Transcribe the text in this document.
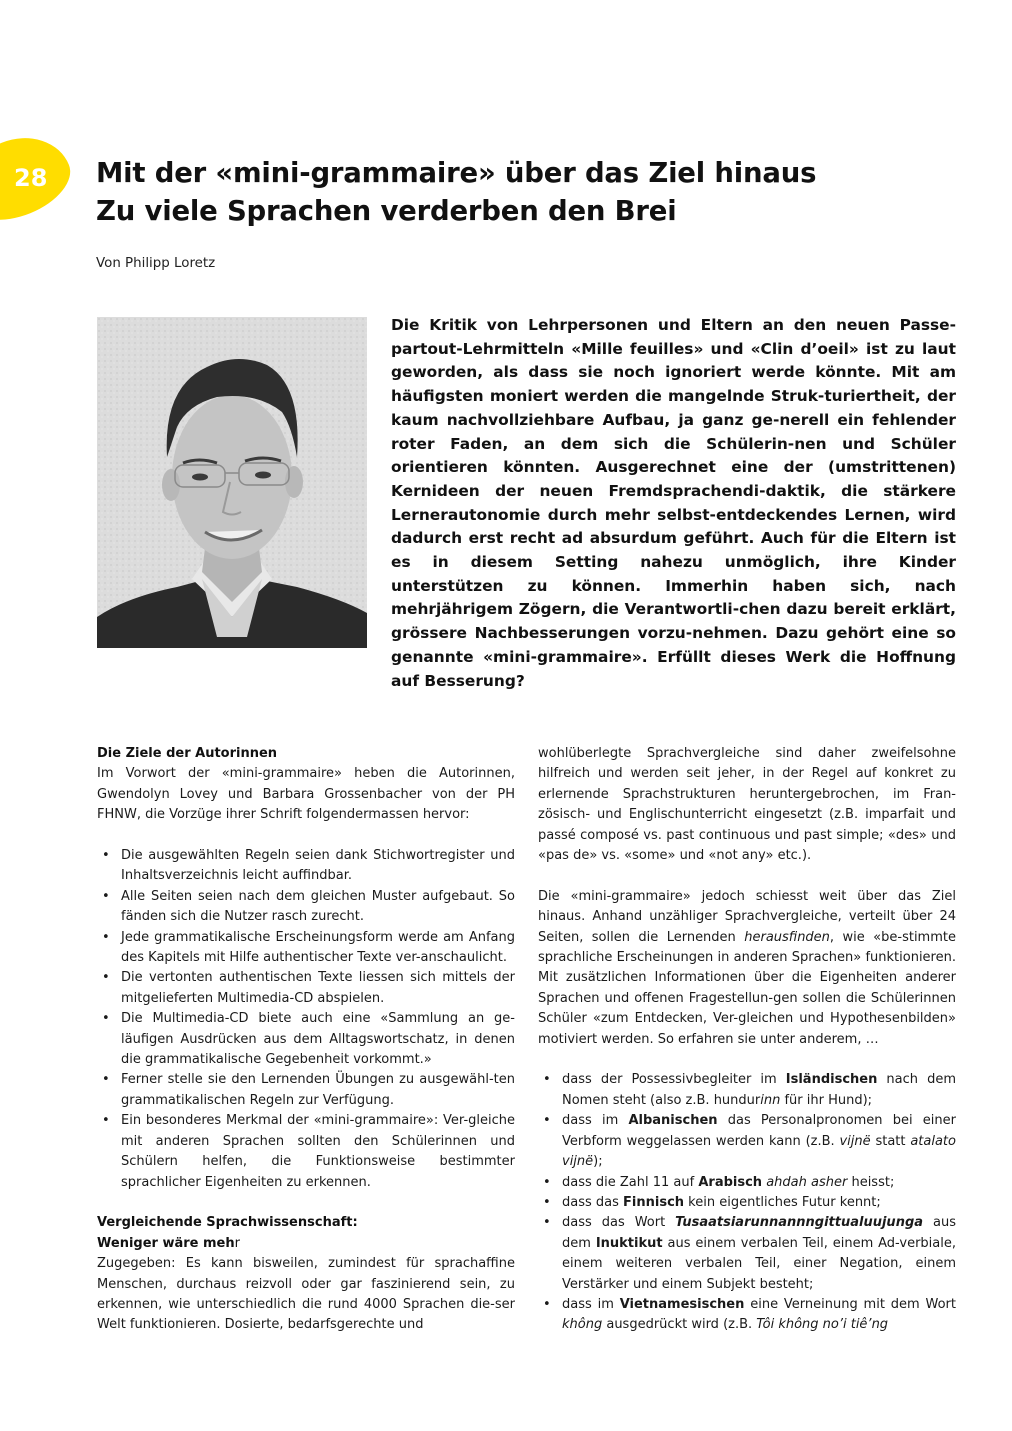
28 Mit der «mini-grammaire» über das Ziel hinaus
Zu viele Sprachen verderben den Brei
Von Philipp Loretz

Die Kritik von Lehrpersonen und Eltern an den neuen Passe-partout-Lehrmitteln «Mille feuilles» und «Clin d’oeil» ist zu laut geworden, als dass sie noch ignoriert werde könnte. Mit am häufigsten moniert werden die mangelnde Struk-turiertheit, der kaum nachvollziehbare Aufbau, ja ganz ge-nerell ein fehlender roter Faden, an dem sich die Schülerin-nen und Schüler orientieren könnten. Ausgerechnet eine der (umstrittenen) Kernideen der neuen Fremdsprachendi-daktik, die stärkere Lernerautonomie durch mehr selbst-entdeckendes Lernen, wird dadurch erst recht ad absurdum geführt. Auch für die Eltern ist es in diesem Setting nahezu unmöglich, ihre Kinder unterstützen zu können. Immerhin haben sich, nach mehrjährigem Zögern, die Verantwortli-chen dazu bereit erklärt, grössere Nachbesserungen vorzu-nehmen. Dazu gehört eine so genannte «mini-grammaire». Erfüllt dieses Werk die Hoffnung auf Besserung?

Die Ziele der Autorinnen

Im Vorwort der «mini-grammaire» heben die Autorinnen, Gwendolyn Lovey und Barbara Grossenbacher von der PH FHNW, die Vorzüge ihrer Schrift folgendermassen hervor:

• Die ausgewählten Regeln seien dank Stichwortregister und Inhaltsverzeichnis leicht auffindbar.
• Alle Seiten seien nach dem gleichen Muster aufgebaut. So fänden sich die Nutzer rasch zurecht.
• Jede grammatikalische Erscheinungsform werde am Anfang des Kapitels mit Hilfe authentischer Texte ver-anschaulicht.
• Die vertonten authentischen Texte liessen sich mittels der mitgelieferten Multimedia-CD abspielen.
• Die Multimedia-CD biete auch eine «Sammlung an ge-läufigen Ausdrücken aus dem Alltagswortschatz, in denen die grammatikalische Gegebenheit vorkommt.»
• Ferner stelle sie den Lernenden Übungen zu ausgewähl-ten grammatikalischen Regeln zur Verfügung.
• Ein besonderes Merkmal der «mini-grammaire»: Ver-gleiche mit anderen Sprachen sollten den Schülerinnen und Schülern helfen, die Funktionsweise bestimmter sprachlicher Eigenheiten zu erkennen.
Vergleichende Sprachwissenschaft:
Weniger wäre mehr

Zugegeben: Es kann bisweilen, zumindest für sprachaffine Menschen, durchaus reizvoll oder gar faszinierend sein, zu erkennen, wie unterschiedlich die rund 4000 Sprachen die-ser Welt funktionieren. Dosierte, bedarfsgerechte und

wohlüberlegte Sprachvergleiche sind daher zweifelsohne hilfreich und werden seit jeher, in der Regel auf konkret zu erlernende Sprachstrukturen heruntergebrochen, im Fran-zösisch- und Englischunterricht eingesetzt (z.B. imparfait und passé composé vs. past continuous und past simple; «des» und «pas de» vs. «some» und «not any» etc.).

Die «mini-grammaire» jedoch schiesst weit über das Ziel hinaus. Anhand unzähliger Sprachvergleiche, verteilt über 24 Seiten, sollen die Lernenden herausfinden, wie «be-stimmte sprachliche Erscheinungen in anderen Sprachen» funktionieren. Mit zusätzlichen Informationen über die Eigenheiten anderer Sprachen und offenen Fragestellun-gen sollen die Schülerinnen Schüler «zum Entdecken, Ver-gleichen und Hypothesenbilden» motiviert werden. So erfahren sie unter anderem, …

• dass der Possessivbegleiter im Isländischen nach dem Nomen steht (also z.B. hundurinn für ihr Hund);
• dass im Albanischen das Personalpronomen bei einer Verbform weggelassen werden kann (z.B. vijnë statt atalato vijnë);
• dass die Zahl 11 auf Arabisch ahdah asher heisst;
• dass das Finnisch kein eigentliches Futur kennt;
• dass das Wort Tusaatsiarunnannngittualuujunga aus dem Inuktikut aus einem verbalen Teil, einem Ad-verbiale, einem weiteren verbalen Teil, einer Negation, einem Verstärker und einem Subjekt besteht;
• dass im Vietnamesischen eine Verneinung mit dem Wort không ausgedrückt wird (z.B. Tôi không no’i tiê’ng
